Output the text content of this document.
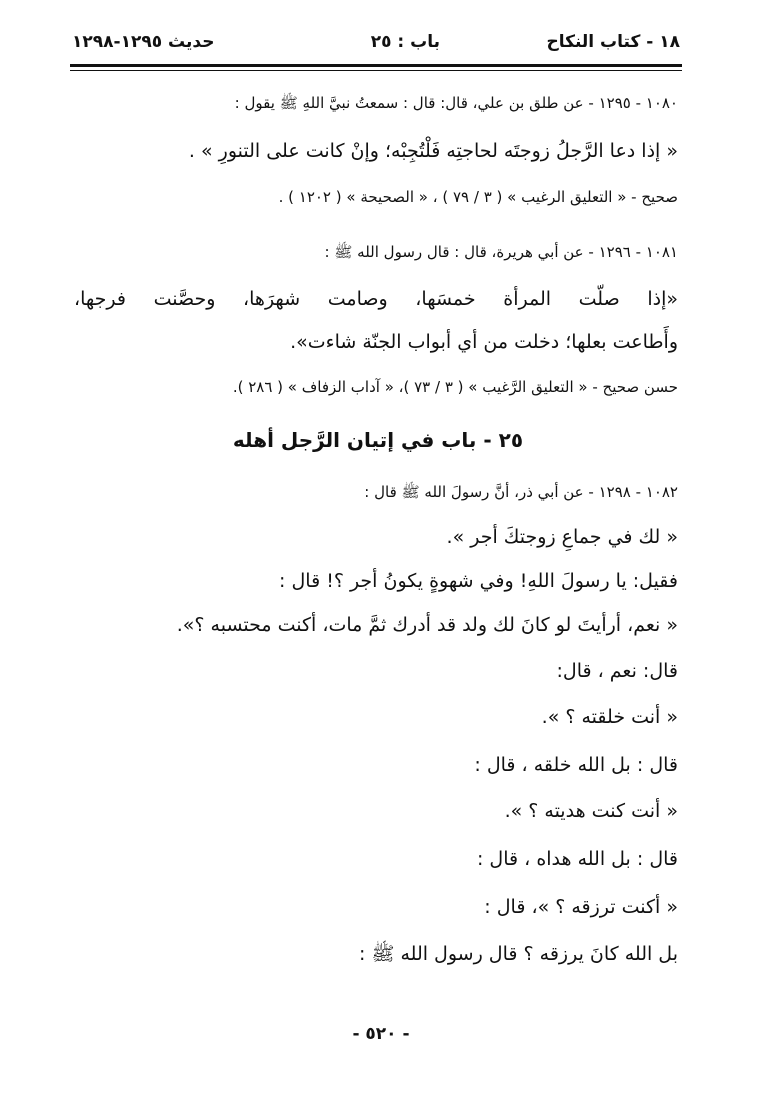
١٨ - كتاب النكاح
باب : ٢٥
حديث ١٢٩٥-١٢٩٨
١٠٨٠ - ١٢٩٥ - عن طلق بن علي، قال: قال : سمعتُ نبيَّ اللهِ ﷺ يقول :
« إذا دعا الرَّجلُ زوجتَه لحاجتِه فَلْتُجِبْه؛ وإنْ كانت على التنورِ » .
صحيح - « التعليق الرغيب » ( ٣ / ٧٩ ) ، « الصحيحة » ( ١٢٠٢ ) .
١٠٨١ - ١٢٩٦ - عن أبي هريرة، قال : قال رسول الله ﷺ :
«إذا صلّت المرأة خمسَها، وصامت شهرَها، وحصَّنت فرجها،
وأَطاعت بعلها؛ دخلت من أي أبواب الجنّة شاءت».
حسن صحيح - « التعليق الرَّغيب » ( ٣ / ٧٣ )، « آداب الزفاف » ( ٢٨٦ ).
٢٥ - باب في إتيان الرَّجل أهله
١٠٨٢ - ١٢٩٨ - عن أبي ذر، أنَّ رسولَ الله ﷺ قال :
« لك في جماعِ زوجتكَ أجر ».
فقيل: يا رسولَ اللهِ! وفي شهوةٍ يكونُ أجر ؟! قال :
« نعم، أرأيتَ لو كانَ لك ولد قد أدرك ثمَّ مات، أكنت محتسبه ؟».
قال: نعم ، قال:
« أنت خلقته ؟ ».
قال : بل الله خلقه ، قال :
« أنت كنت هديته ؟ ».
قال : بل الله هداه ، قال :
« أكنت ترزقه ؟ »، قال :
بل الله كانَ يرزقه ؟ قال رسول الله ﷺ :
- ٥٢٠ -
